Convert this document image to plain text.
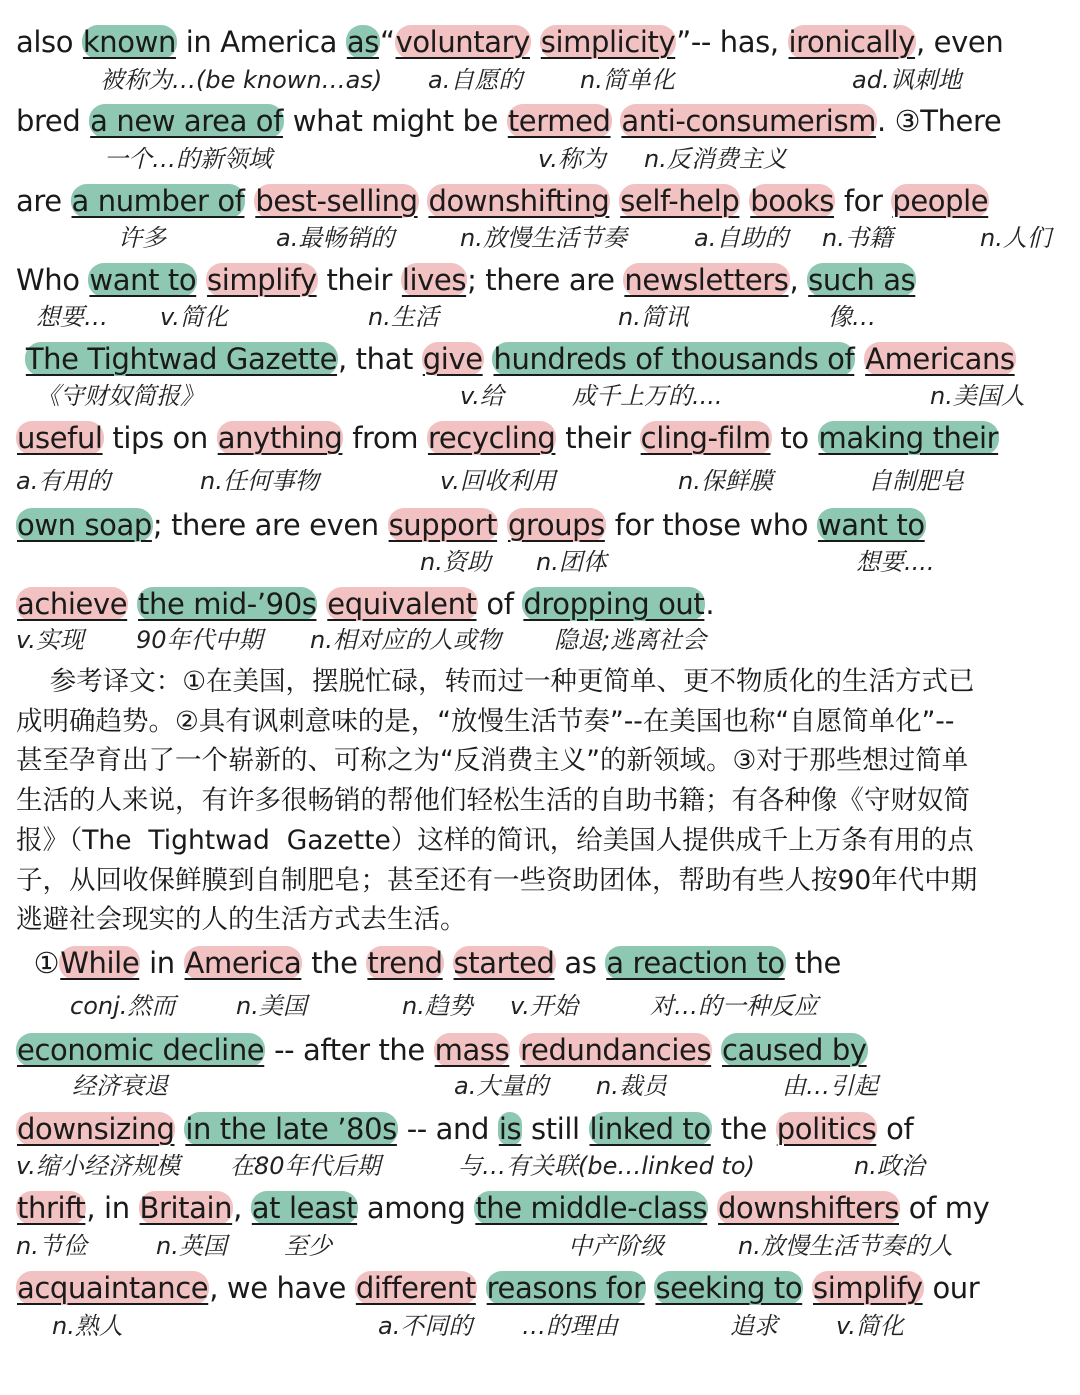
also known in America as“voluntary simplicity”-- has, ironically, even
bred a new area of what might be termed anti-consumerism. ③There
are a number of best-selling downshifting self-help books for people
Who want to simplify their lives; there are newsletters, such as
The Tightwad Gazette, that give hundreds of thousands of Americans
useful tips on anything from recycling their cling-film to making their
own soap; there are even support groups for those who want to
achieve the mid-’90s equivalent of dropping out.
①While in America the trend started as a reaction to the
economic decline -- after the mass redundancies caused by
downsizing in the late ’80s -- and is still linked to the politics of
thrift, in Britain, at least among the middle-class downshifters of my
acquaintance, we have different reasons for seeking to simplify our
被称为…(be known…as) a.自愿的 n.简单化	ad.讽刺地
一个…的新领域	v.称为 n.反消费主义
许多	a.最畅销的	n.放慢生活节奏	a.自助的 n.书籍	n.人们
想要… v.简化	n.生活	n.简讯	像…
《守财奴简报》	v.给	成千上万的....	n.美国人
a.有用的	n.任何事物	v.回收利用	n.保鲜膜	自制肥皂
n.资助 n.团体	想要....
v.实现 90年代中期 n.相对应的人或物 隐退;逃离社会
conj.然而	n.美国	n.趋势 v.开始	对…的一种反应
经济衰退	a.大量的 n.裁员	由…引起
v.缩小经济规模 在80年代后期	与…有关联(be…linked to)	n.政治
n.节俭	n.英国 至少	中产阶级	n.放慢生活节奏的人
n.熟人	a.不同的 …的理由	追求 v.简化

参考译文：①在美国，摆脱忙碌，转而过一种更简单、更不物质化的生活方式已

成明确趋势。②具有讽刺意味的是，“放慢生活节奏”--在美国也称“自愿简单化”--

甚至孕育出了一个崭新的、可称之为“反消费主义”的新领域。③对于那些想过简单

生活的人来说，有许多很畅销的帮他们轻松生活的自助书籍；有各种像《守财奴简

报》（The  Tightwad  Gazette）这样的简讯，给美国人提供成千上万条有用的点

子，从回收保鲜膜到自制肥皂；甚至还有一些资助团体，帮助有些人按90年代中期

逃避社会现实的人的生活方式去生活。
